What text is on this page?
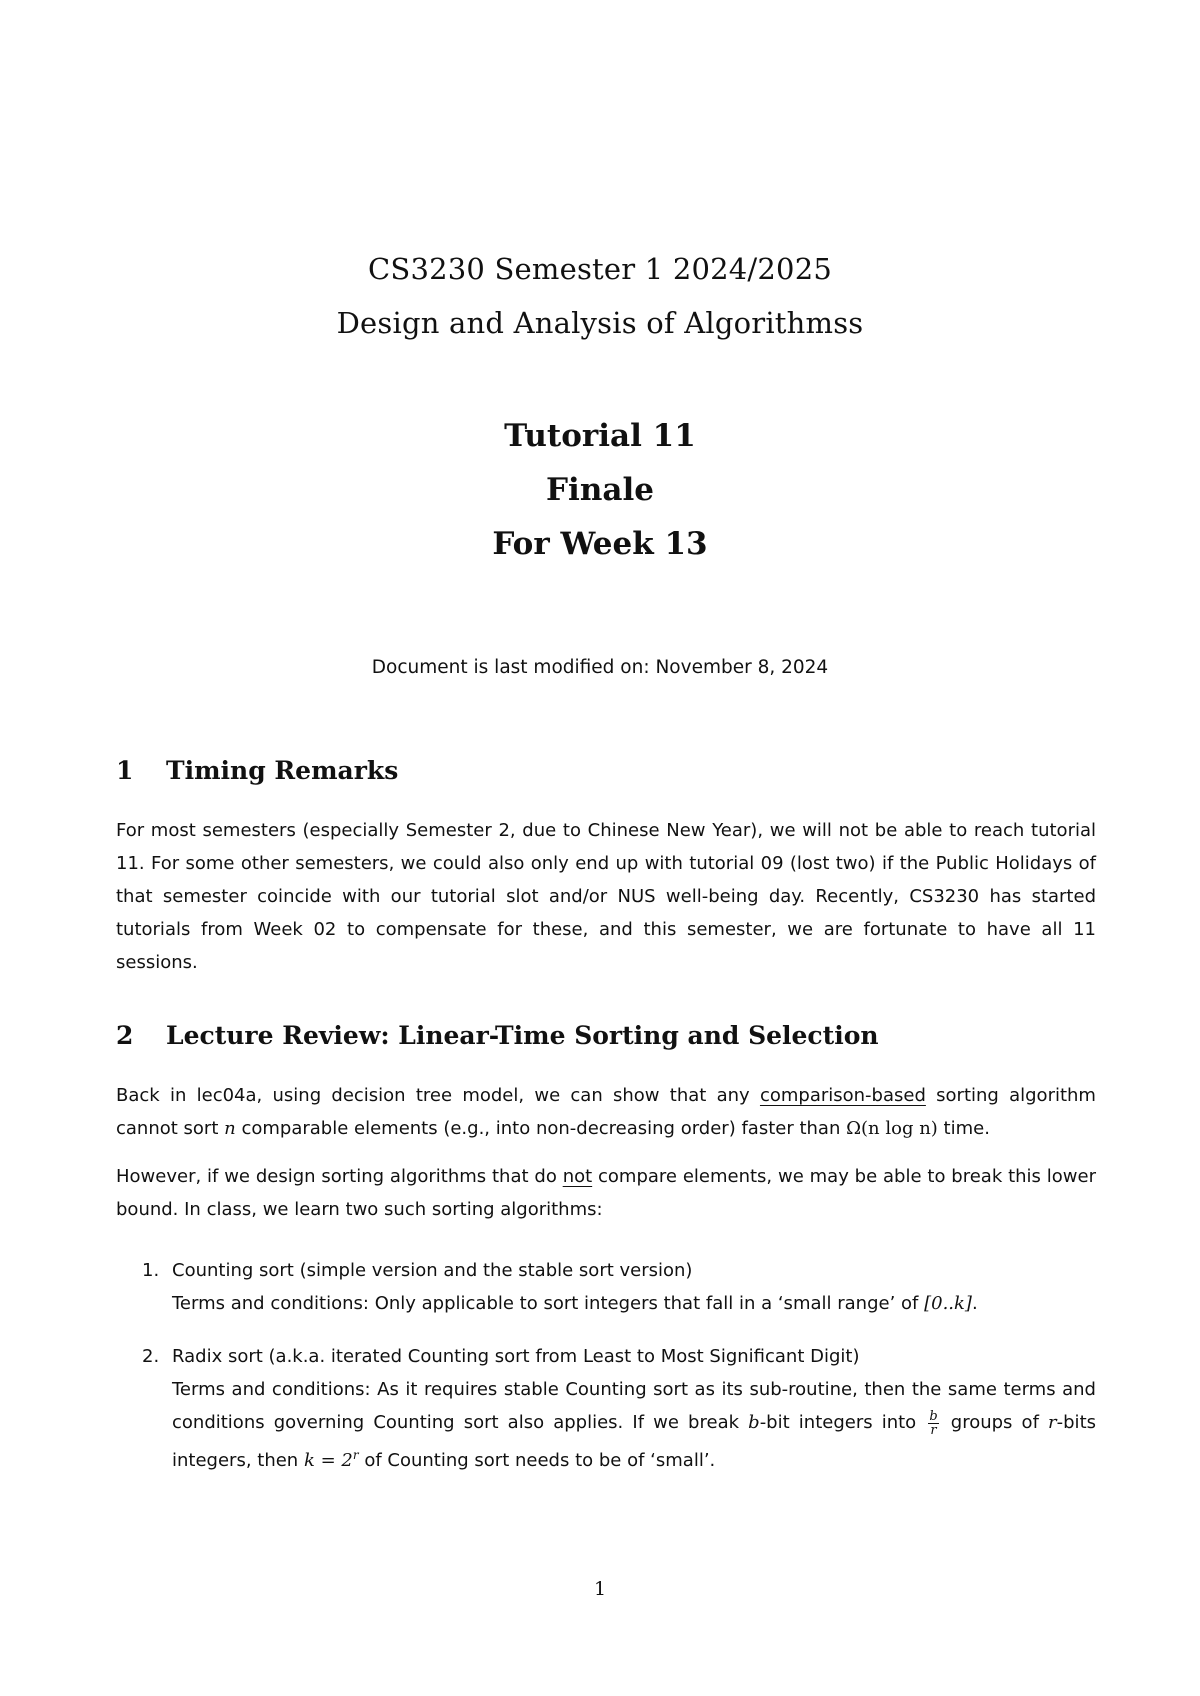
CS3230 Semester 1 2024/2025
Design and Analysis of Algorithmss
Tutorial 11
Finale
For Week 13
Document is last modified on: November 8, 2024
1 Timing Remarks

For most semesters (especially Semester 2, due to Chinese New Year), we will not be able to reach tutorial 11. For some other semesters, we could also only end up with tutorial 09 (lost two) if the Public Holidays of that semester coincide with our tutorial slot and/or NUS well-being day. Recently, CS3230 has started tutorials from Week 02 to compensate for these, and this semester, we are fortunate to have all 11 sessions.

2 Lecture Review: Linear-Time Sorting and Selection

Back in lec04a, using decision tree model, we can show that any comparison-based sorting algorithm cannot sort n comparable elements (e.g., into non-decreasing order) faster than Ω(n log n) time.

However, if we design sorting algorithms that do not compare elements, we may be able to break this lower bound. In class, we learn two such sorting algorithms:

1. Counting sort (simple version and the stable sort version)
Terms and conditions: Only applicable to sort integers that fall in a ‘small range’ of [0..k].
2. Radix sort (a.k.a. iterated Counting sort from Least to Most Significant Digit)
Terms and conditions: As it requires stable Counting sort as its sub-routine, then the same terms and conditions governing Counting sort also applies. If we break b-bit integers into $\frac{b}{r}$ groups of r-bits integers, then $k = 2^r$ of Counting sort needs to be of ‘small’.
1
